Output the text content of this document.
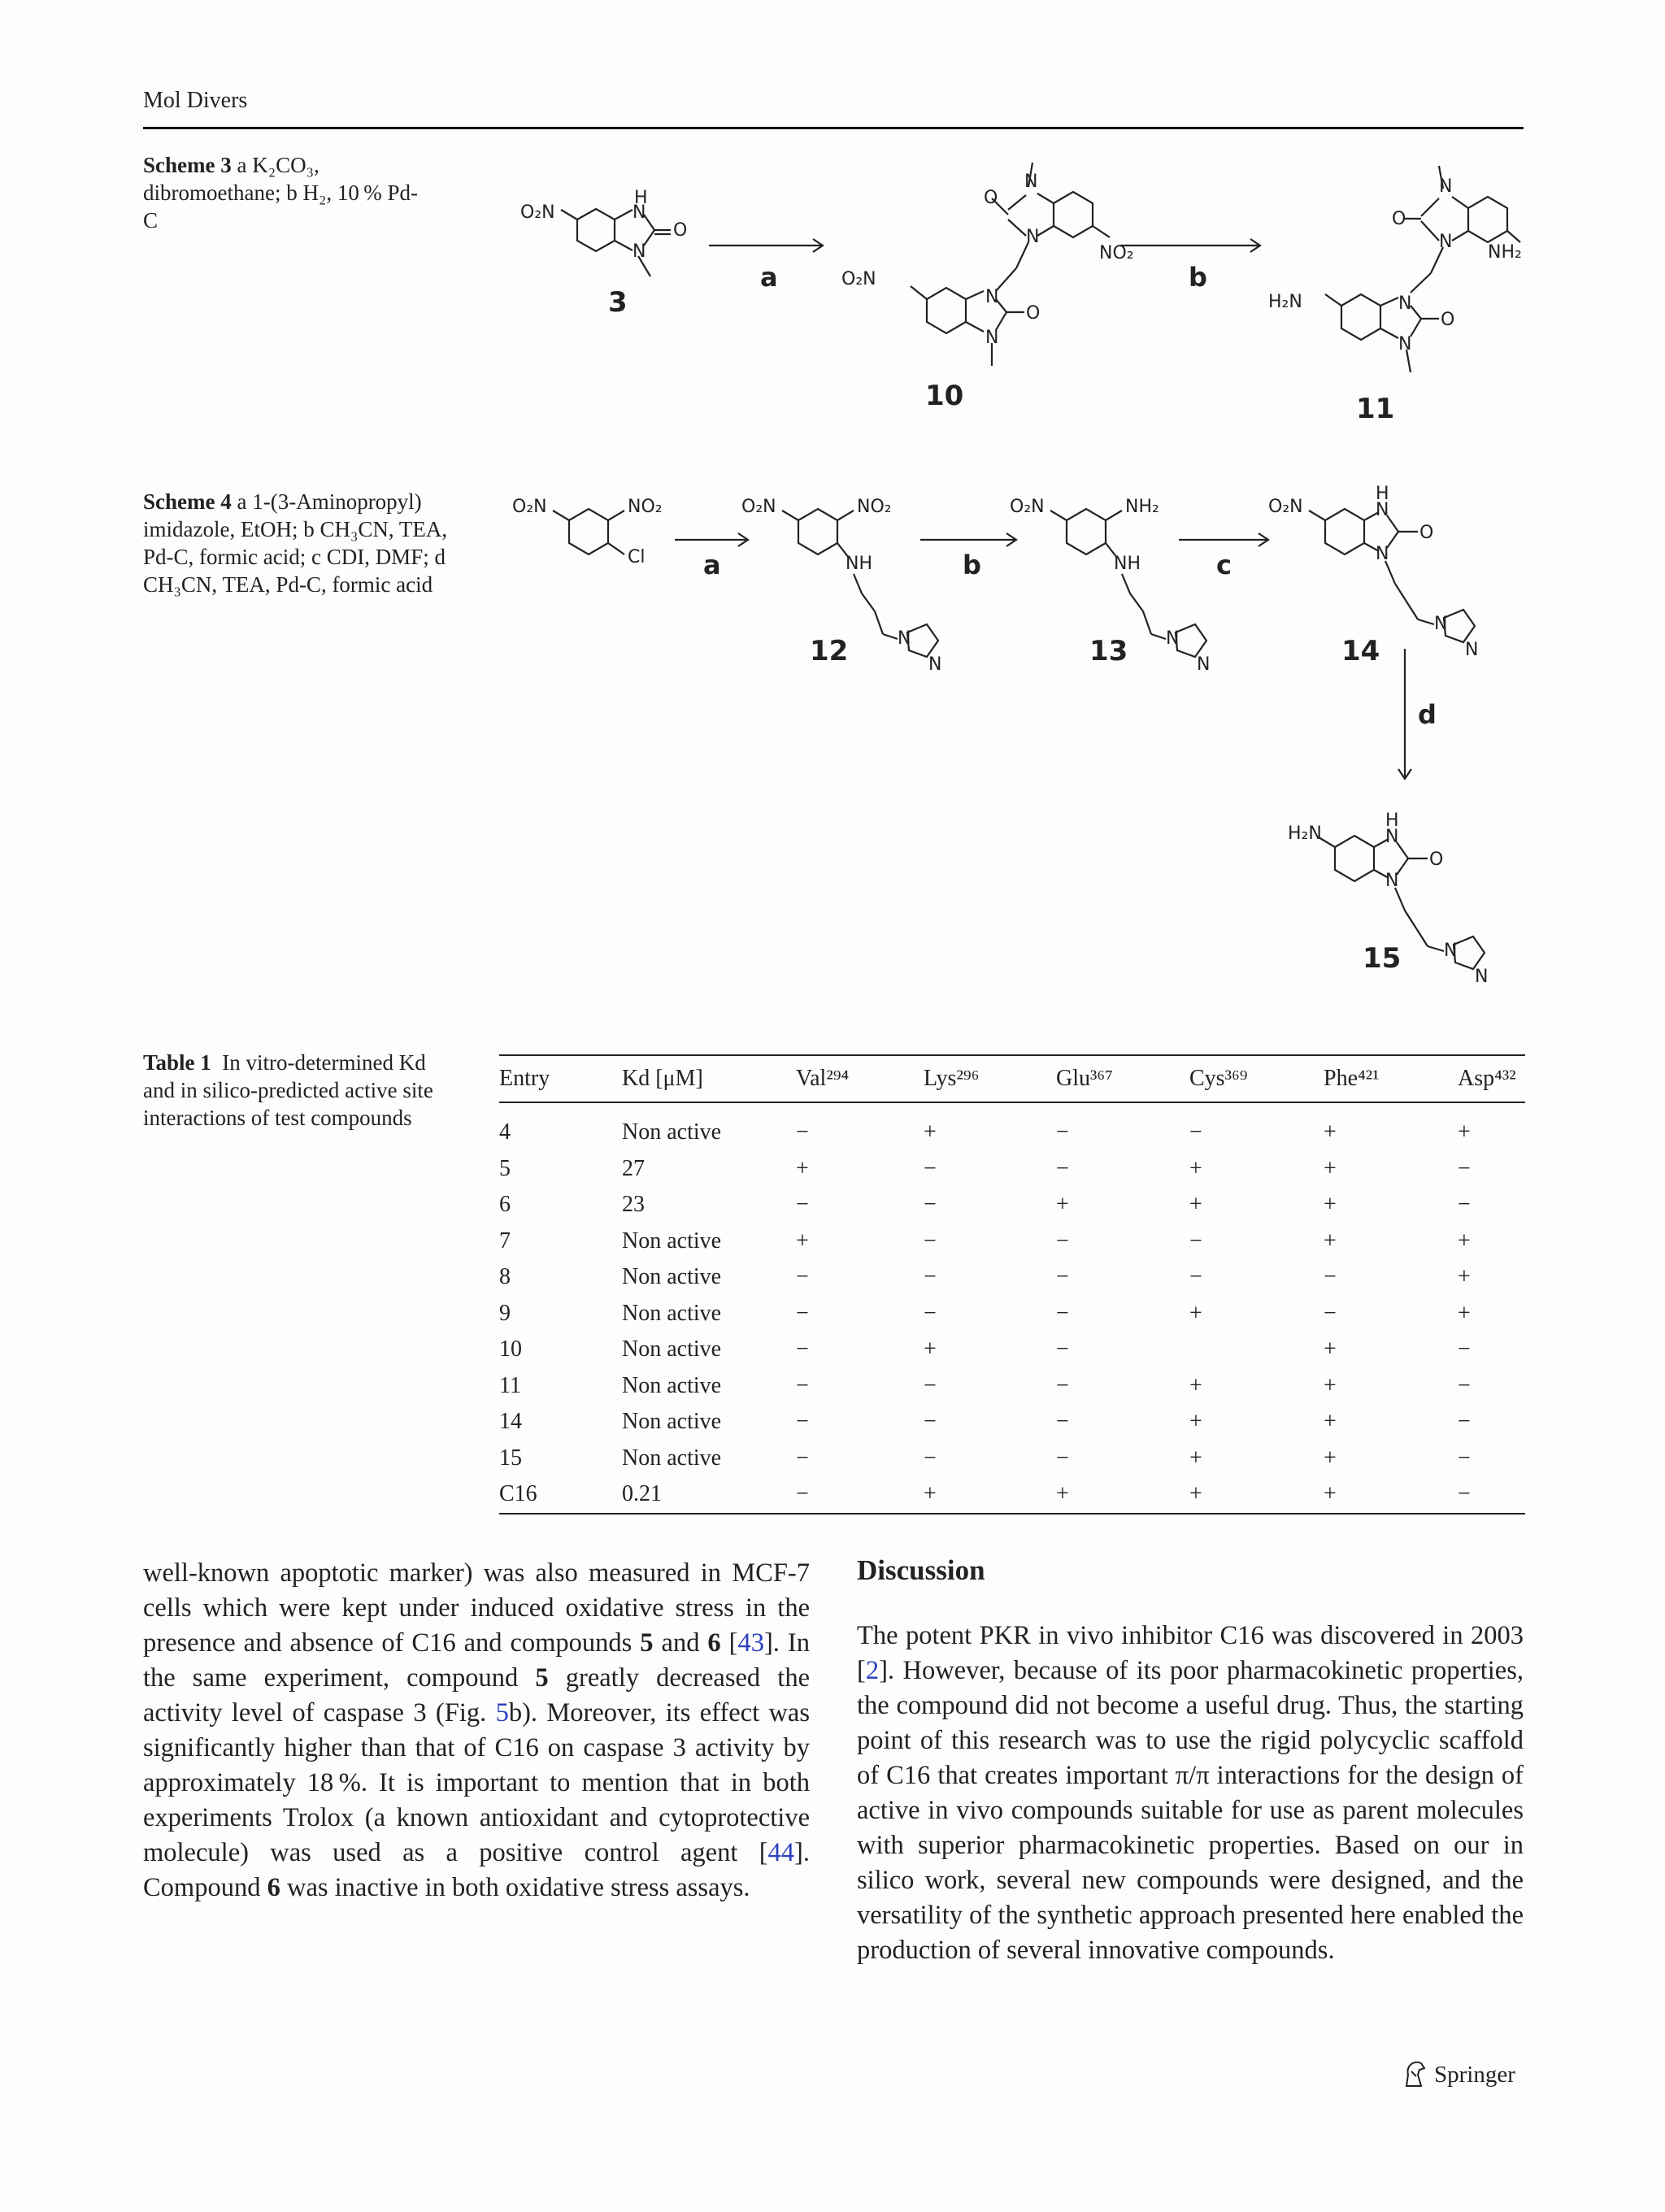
Mol Divers
Scheme 3 a K₂CO₃, dibromoethane; b H₂, 10 % Pd-C	O₂N
H
N
N
O
3
a
N
N
O
NO₂
O₂N
N
N
O
10
b
N
N
O
NH₂
H₂N	N
N
O
11
Scheme 4 a 1-(3-Aminopropyl) imidazole, EtOH; b CH₃CN, TEA, Pd-C, formic acid; c CDI, DMF; d CH₃CN, TEA, Pd-C, formic acid
O₂N	NO₂
Cl a
O₂N	NO₂
NH
N
N
12
b
O₂N	NH₂
NH
N
N
13
c
O₂N
H
N
N
O
N
N
14
d
H₂N
H
N
N
O
N
N
15
Table 1 In vitro-determined Kd and in silico-predicted active site interactions of test compounds
Entry	Kd [μM]	Val²⁹⁴	Lys²⁹⁶	Glu³⁶⁷	Cys³⁶⁹	Phe⁴²¹	Asp⁴³²
4	Non active	−	+	−	−	+	+
5	27	+	−	−	+	+	−
6	23	−	−	+	+	+	−
7	Non active	+	−	−	−	+	+
8	Non active	−	−	−	−	−	+
9	Non active	−	−	−	+	−	+
10	Non active	−	+	−		+	−
11	Non active	−	−	−	+	+	−
14	Non active	−	−	−	+	+	−
15	Non active	−	−	−	+	+	−
C16	0.21	−	+	+	+	+	−

well-known apoptotic marker) was also measured in MCF-7 cells which were kept under induced oxidative stress in the presence and absence of C16 and compounds 5 and 6 [43]. In the same experiment, compound 5 greatly decreased the activity level of caspase 3 (Fig. 5b). Moreover, its effect was significantly higher than that of C16 on caspase 3 activity by approximately 18 %. It is important to mention that in both experiments Trolox (a known antioxidant and cytoprotective molecule) was used as a positive control agent [44]. Compound 6 was inactive in both oxidative stress assays.

Discussion

The potent PKR in vivo inhibitor C16 was discovered in 2003 [2]. However, because of its poor pharmacokinetic properties, the compound did not become a useful drug. Thus, the starting point of this research was to use the rigid polycyclic scaffold of C16 that creates important π/π interactions for the design of active in vivo compounds suitable for use as parent molecules with superior pharmacokinetic properties. Based on our in silico work, several new compounds were designed, and the versatility of the synthetic approach presented here enabled the production of several innovative compounds.

Springer
